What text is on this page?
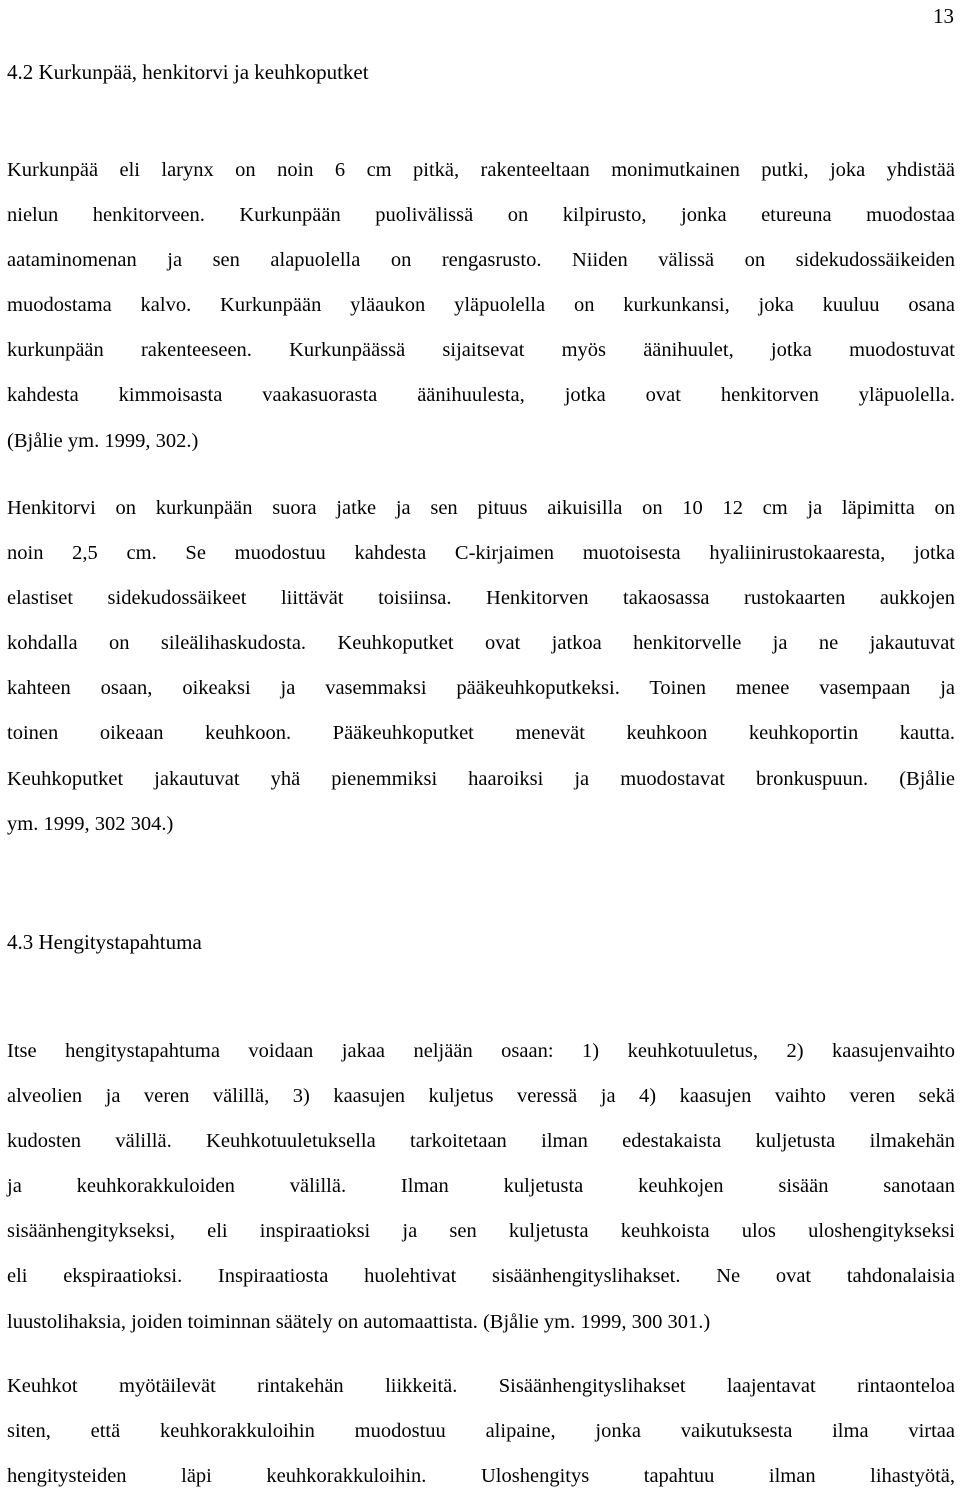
13
4.2 Kurkunpää, henkitorvi ja keuhkoputket
Kurkunpää eli larynx on noin 6 cm pitkä, rakenteeltaan monimutkainen putki, joka yhdistää
nielun henkitorveen. Kurkunpään puolivälissä on kilpirusto, jonka etureuna muodostaa
aataminomenan ja sen alapuolella on rengasrusto. Niiden välissä on sidekudossäikeiden
muodostama kalvo. Kurkunpään yläaukon yläpuolella on kurkunkansi, joka kuuluu osana
kurkunpään rakenteeseen. Kurkunpäässä sijaitsevat myös äänihuulet, jotka muodostuvat
kahdesta kimmoisasta vaakasuorasta äänihuulesta, jotka ovat henkitorven yläpuolella.
(Bjålie ym. 1999, 302.)
Henkitorvi on kurkunpään suora jatke ja sen pituus aikuisilla on 10 12 cm ja läpimitta on
noin 2,5 cm. Se muodostuu kahdesta C-kirjaimen muotoisesta hyaliinirustokaaresta, jotka
elastiset sidekudossäikeet liittävät toisiinsa. Henkitorven takaosassa rustokaarten aukkojen
kohdalla on sileälihaskudosta. Keuhkoputket ovat jatkoa henkitorvelle ja ne jakautuvat
kahteen osaan, oikeaksi ja vasemmaksi pääkeuhkoputkeksi. Toinen menee vasempaan ja
toinen oikeaan keuhkoon. Pääkeuhkoputket menevät keuhkoon keuhkoportin kautta.
Keuhkoputket jakautuvat yhä pienemmiksi haaroiksi ja muodostavat bronkuspuun. (Bjålie
ym. 1999, 302 304.)
4.3 Hengitystapahtuma
Itse hengitystapahtuma voidaan jakaa neljään osaan: 1) keuhkotuuletus, 2) kaasujenvaihto
alveolien ja veren välillä, 3) kaasujen kuljetus veressä ja 4) kaasujen vaihto veren sekä
kudosten välillä. Keuhkotuuletuksella tarkoitetaan ilman edestakaista kuljetusta ilmakehän
ja keuhkorakkuloiden välillä. Ilman kuljetusta keuhkojen sisään sanotaan
sisäänhengitykseksi, eli inspiraatioksi ja sen kuljetusta keuhkoista ulos uloshengitykseksi
eli ekspiraatioksi. Inspiraatiosta huolehtivat sisäänhengityslihakset. Ne ovat tahdonalaisia
luustolihaksia, joiden toiminnan säätely on automaattista. (Bjålie ym. 1999, 300 301.)
Keuhkot myötäilevät rintakehän liikkeitä. Sisäänhengityslihakset laajentavat rintaonteloa
siten, että keuhkorakkuloihin muodostuu alipaine, jonka vaikutuksesta ilma virtaa
hengitysteiden läpi keuhkorakkuloihin. Uloshengitys tapahtuu ilman lihastyötä,
